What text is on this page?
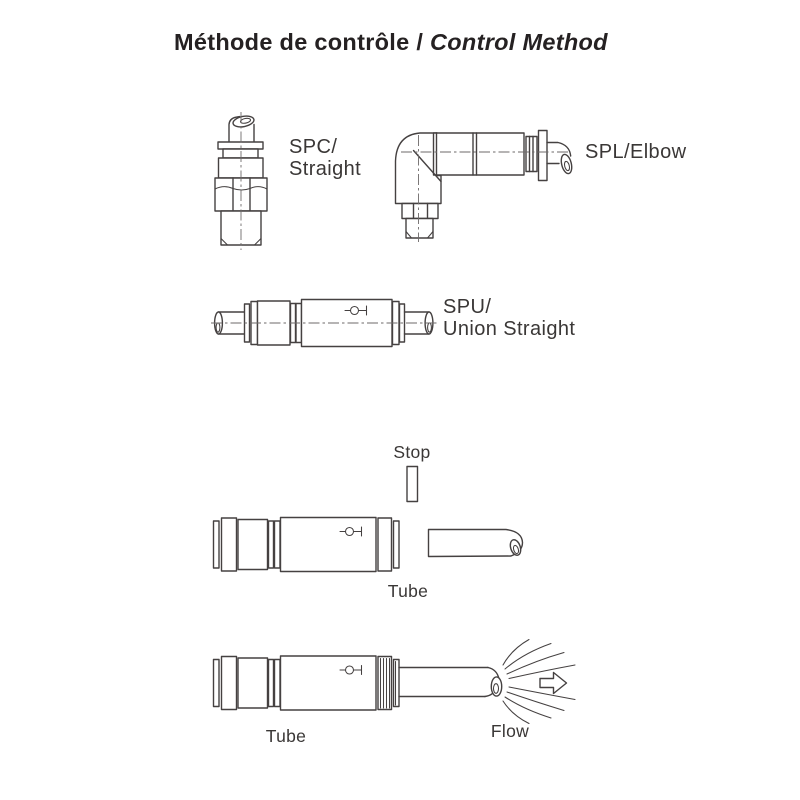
Méthode de contrôle / Control Method
SPC/
Straight
SPL/Elbow
SPU/
Union Straight
Stop
Tube
Tube	Flow
